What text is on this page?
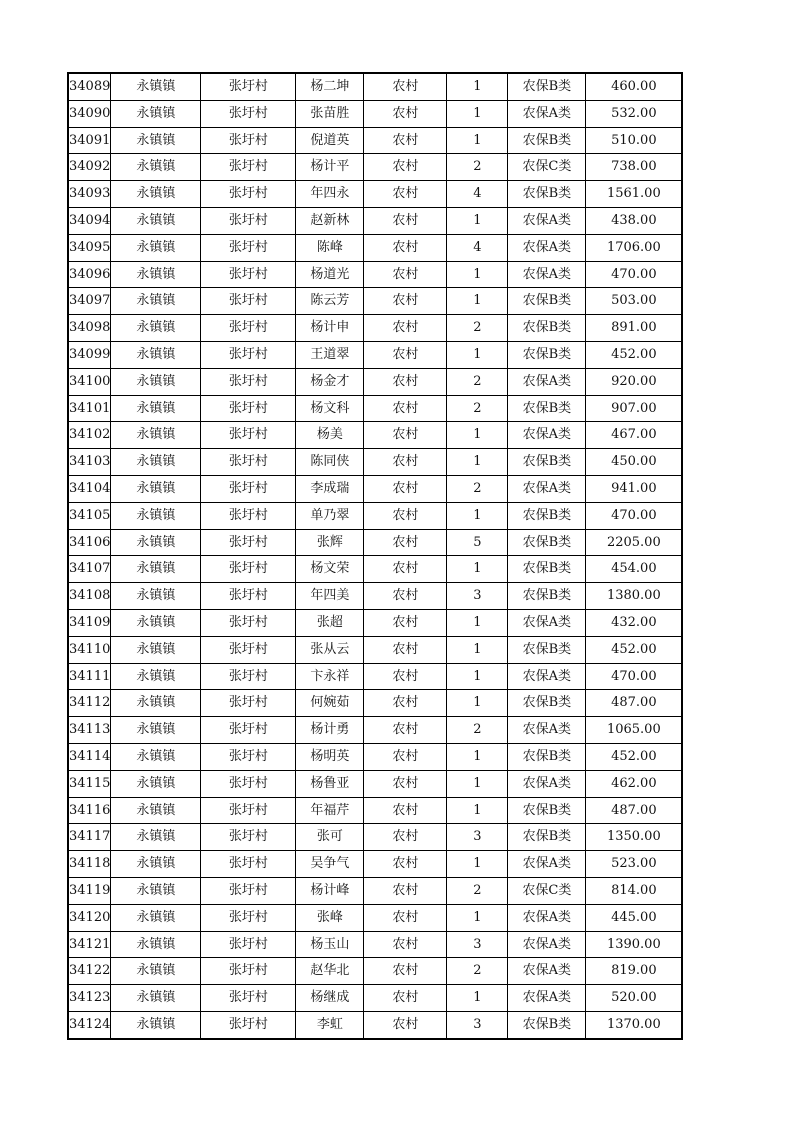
34089	永镇镇	张圩村	杨二坤	农村	1	农保B类	460.00
34090	永镇镇	张圩村	张苗胜	农村	1	农保A类	532.00
34091	永镇镇	张圩村	倪道英	农村	1	农保B类	510.00
34092	永镇镇	张圩村	杨计平	农村	2	农保C类	738.00
34093	永镇镇	张圩村	年四永	农村	4	农保B类	1561.00
34094	永镇镇	张圩村	赵新林	农村	1	农保A类	438.00
34095	永镇镇	张圩村	陈峰	农村	4	农保A类	1706.00
34096	永镇镇	张圩村	杨道光	农村	1	农保A类	470.00
34097	永镇镇	张圩村	陈云芳	农村	1	农保B类	503.00
34098	永镇镇	张圩村	杨计申	农村	2	农保B类	891.00
34099	永镇镇	张圩村	王道翠	农村	1	农保B类	452.00
34100	永镇镇	张圩村	杨金才	农村	2	农保A类	920.00
34101	永镇镇	张圩村	杨文科	农村	2	农保B类	907.00
34102	永镇镇	张圩村	杨美	农村	1	农保A类	467.00
34103	永镇镇	张圩村	陈同侠	农村	1	农保B类	450.00
34104	永镇镇	张圩村	李成瑞	农村	2	农保A类	941.00
34105	永镇镇	张圩村	单乃翠	农村	1	农保B类	470.00
34106	永镇镇	张圩村	张辉	农村	5	农保B类	2205.00
34107	永镇镇	张圩村	杨文荣	农村	1	农保B类	454.00
34108	永镇镇	张圩村	年四美	农村	3	农保B类	1380.00
34109	永镇镇	张圩村	张超	农村	1	农保A类	432.00
34110	永镇镇	张圩村	张从云	农村	1	农保B类	452.00
34111	永镇镇	张圩村	卞永祥	农村	1	农保A类	470.00
34112	永镇镇	张圩村	何婉茹	农村	1	农保B类	487.00
34113	永镇镇	张圩村	杨计勇	农村	2	农保A类	1065.00
34114	永镇镇	张圩村	杨明英	农村	1	农保B类	452.00
34115	永镇镇	张圩村	杨鲁亚	农村	1	农保A类	462.00
34116	永镇镇	张圩村	年福芹	农村	1	农保B类	487.00
34117	永镇镇	张圩村	张可	农村	3	农保B类	1350.00
34118	永镇镇	张圩村	吴争气	农村	1	农保A类	523.00
34119	永镇镇	张圩村	杨计峰	农村	2	农保C类	814.00
34120	永镇镇	张圩村	张峰	农村	1	农保A类	445.00
34121	永镇镇	张圩村	杨玉山	农村	3	农保A类	1390.00
34122	永镇镇	张圩村	赵华北	农村	2	农保A类	819.00
34123	永镇镇	张圩村	杨继成	农村	1	农保A类	520.00
34124	永镇镇	张圩村	李虹	农村	3	农保B类	1370.00
